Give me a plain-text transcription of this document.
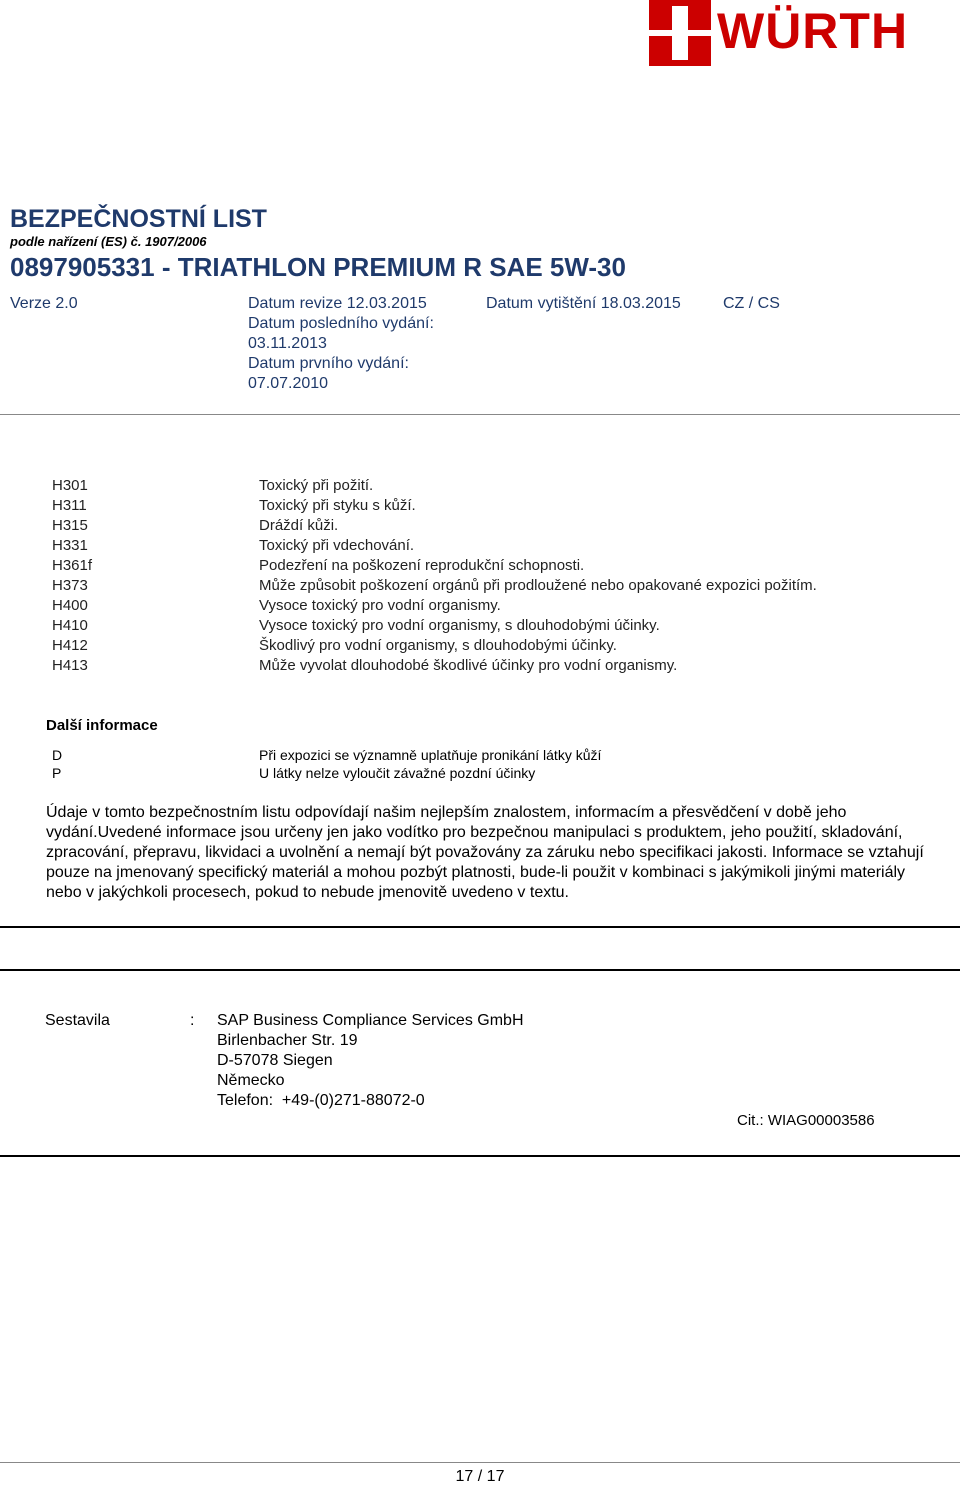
WÜRTH
BEZPEČNOSTNÍ LIST
podle nařízení (ES) č. 1907/2006
0897905331 - TRIATHLON PREMIUM R SAE 5W-30
Verze 2.0	Datum revize 12.03.2015
Datum posledního vydání:
03.11.2013
Datum prvního vydání:
07.07.2010
Datum vytištění 18.03.2015	CZ / CS
H301	Toxický při požití.
H311	Toxický při styku s kůží.
H315	Dráždí kůži.
H331	Toxický při vdechování.
H361f	Podezření na poškození reprodukční schopnosti.
H373	Může způsobit poškození orgánů při prodloužené nebo opakované expozici požitím.
H400	Vysoce toxický pro vodní organismy.
H410	Vysoce toxický pro vodní organismy, s dlouhodobými účinky.
H412	Škodlivý pro vodní organismy, s dlouhodobými účinky.
H413	Může vyvolat dlouhodobé škodlivé účinky pro vodní organismy.
Další informace
D	Při expozici se významně uplatňuje pronikání látky kůží
P	U látky nelze vyloučit závažné pozdní účinky
Údaje v tomto bezpečnostním listu odpovídají našim nejlepším znalostem, informacím a přesvědčení v době jeho vydání.Uvedené informace jsou určeny jen jako vodítko pro bezpečnou manipulaci s produktem, jeho použití, skladování, zpracování, přepravu, likvidaci a uvolnění a nemají být považovány za záruku nebo specifikaci jakosti. Informace se vztahují pouze na jmenovaný specifický materiál a mohou pozbýt platnosti, bude-li použit v kombinaci s jakýmikoli jinými materiály nebo v jakýchkoli procesech, pokud to nebude jmenovitě uvedeno v textu.
Sestavila	: SAP Business Compliance Services GmbH
Birlenbacher Str. 19
D-57078 Siegen
Německo
Telefon:  +49-(0)271-88072-0
Cit.: WIAG00003586
17 / 17
